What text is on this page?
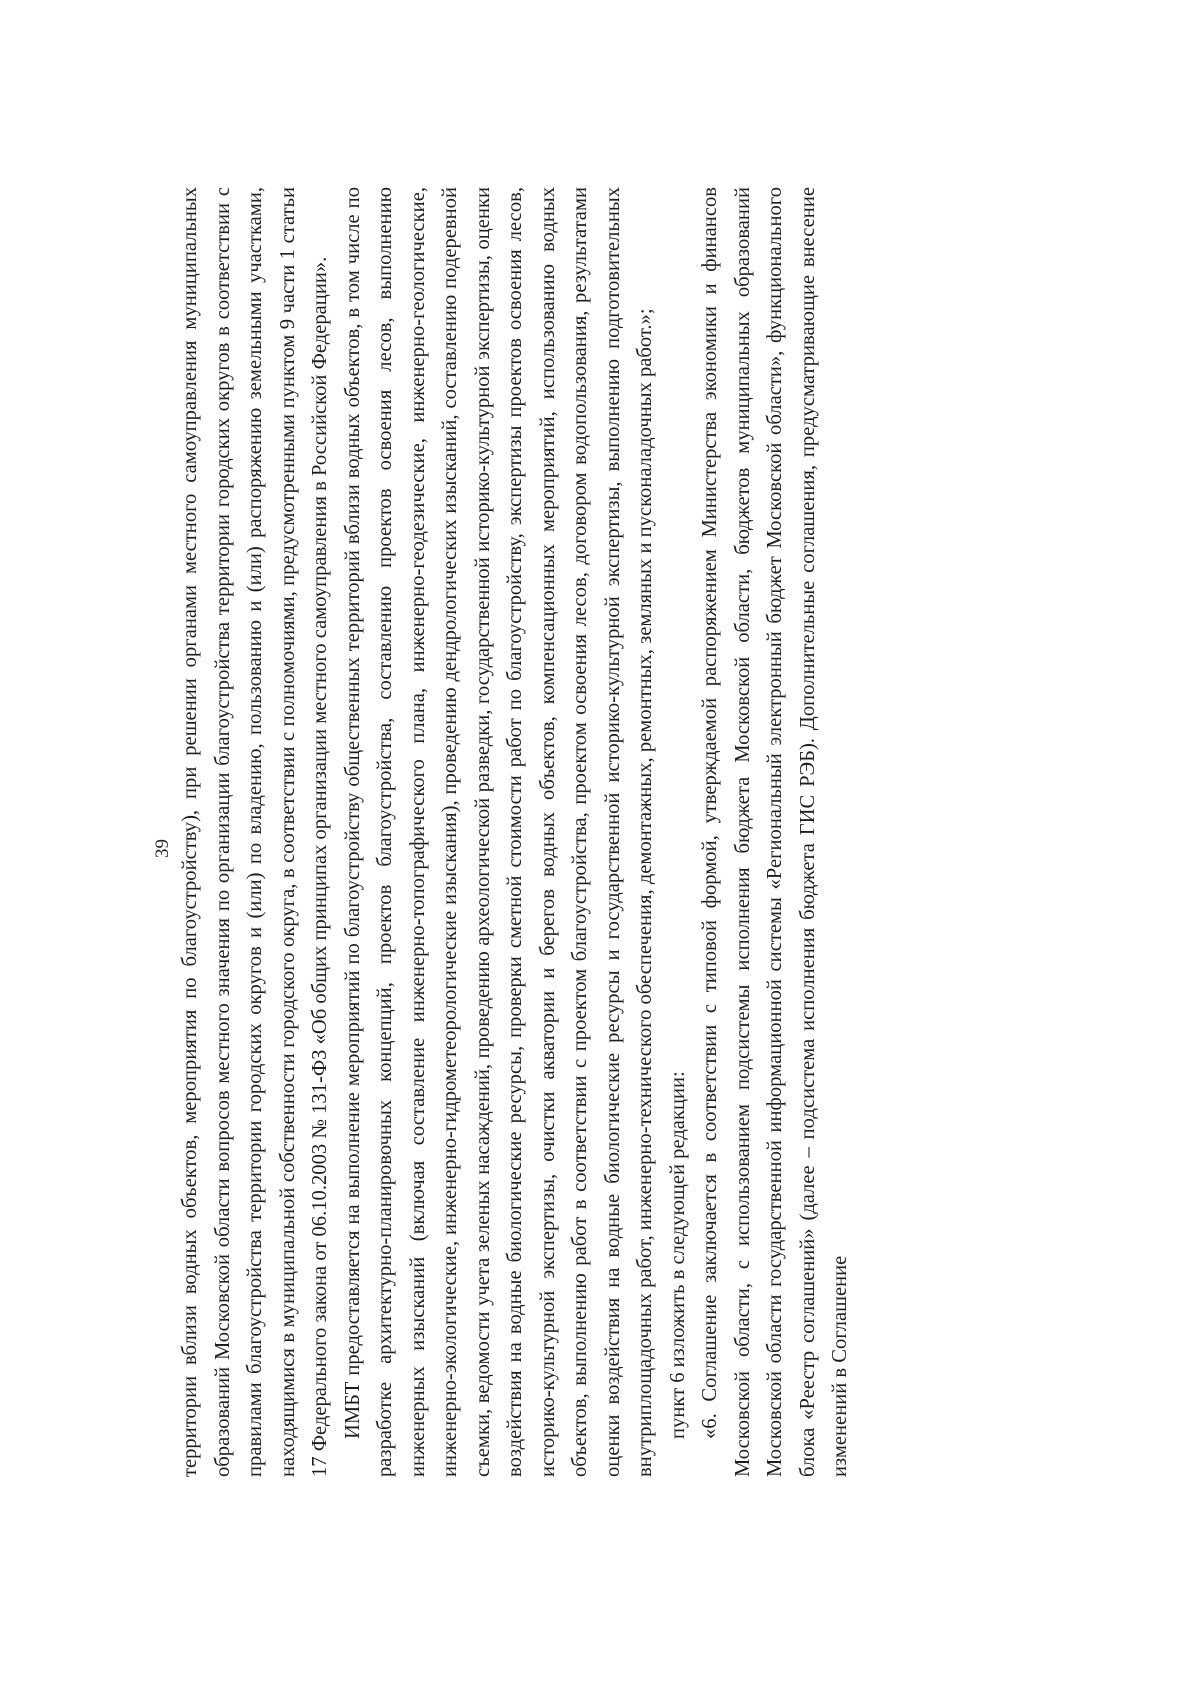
39 территории вблизи водных объектов, мероприятия по благоустройству), при решении органами местного самоуправления муниципальных образований Московской области вопросов местного значения по организации благоустройства территории городских округов в соответствии с правилами благоустройства территории городских округов и (или) по владению, пользованию и (или) распоряжению земельными участками, находящимися в муниципальной собственности городского округа, в соответствии с полномочиями, предусмотренными пунктом 9 части 1 статьи 17 Федерального закона от 06.10.2003 № 131-ФЗ «Об общих принципах организации местного самоуправления в Российской Федерации». ИМБТ предоставляется на выполнение мероприятий по благоустройству общественных территорий вблизи водных объектов, в том числе по разработке архитектурно-планировочных концепций, проектов благоустройства, составлению проектов освоения лесов, выполнению инженерных изысканий (включая составление инженерно-топографического плана, инженерно-геодезические, инженерно-геологические, инженерно-экологические, инженерно-гидрометеорологические изыскания), проведению дендрологических изысканий, составлению подеревной съемки, ведомости учета зеленых насаждений, проведению археологической разведки, государственной историко-культурной экспертизы, оценки воздействия на водные биологические ресурсы, проверки сметной стоимости работ по благоустройству, экспертизы проектов освоения лесов, историко-культурной экспертизы, очистки акватории и берегов водных объектов, компенсационных мероприятий, использованию водных объектов, выполнению работ в соответствии с проектом благоустройства, проектом освоения лесов, договором водопользования, результатами оценки воздействия на водные биологические ресурсы и государственной историко-культурной экспертизы, выполнению подготовительных внутриплощадочных работ, инженерно-технического обеспечения, демонтажных, ремонтных, земляных и пусконаладочных работ.»; пункт 6 изложить в следующей редакции: «6. Соглашение заключается в соответствии с типовой формой, утверждаемой распоряжением Министерства экономики и финансов Московской области, с использованием подсистемы исполнения бюджета Московской области, бюджетов муниципальных образований Московской области государственной информационной системы «Региональный электронный бюджет Московской области», функционального блока «Реестр соглашений» (далее – подсистема исполнения бюджета ГИС РЭБ). Дополнительные соглашения, предусматривающие внесение изменений в Соглашение
